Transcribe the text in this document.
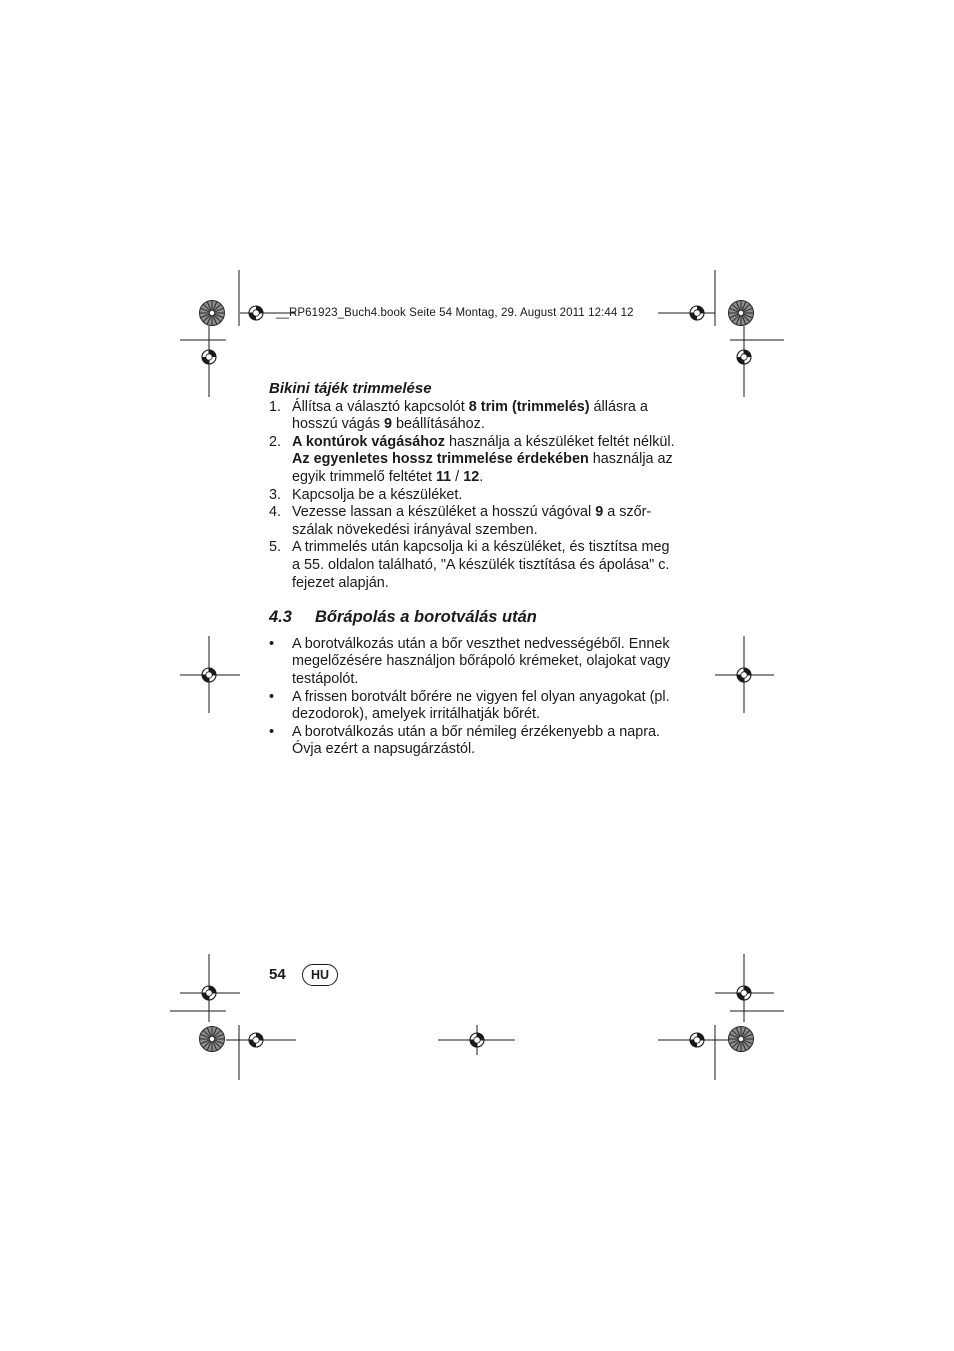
__RP61923_Buch4.book Seite 54 Montag, 29. August 2011 12:44 12
Bikini tájék trimmelése
1. Állítsa a választó kapcsolót 8 trim (trimmelés) állásra a hosszú vágás 9 beállításához.
2. A kontúrok vágásához használja a készüléket feltét nélkül. Az egyenletes hossz trimmelése érdekében használja az egyik trimmelő feltétet 11 / 12.
3. Kapcsolja be a készüléket.
4. Vezesse lassan a készüléket a hosszú vágóval 9 a szőr-szálak növekedési irányával szemben.
5. A trimmelés után kapcsolja ki a készüléket, és tisztítsa meg a 55. oldalon található, "A készülék tisztítása és ápolása" c. fejezet alapján.
4.3	Bőrápolás a borotválás után
•	A borotválkozás után a bőr veszthet nedvességéből. Ennek megelőzésére használjon bőrápoló krémeket, olajokat vagy testápolót.
•	A frissen borotvált bőrére ne vigyen fel olyan anyagokat (pl. dezodorok), amelyek irritálhatják bőrét.
•	A borotválkozás után a bőr némileg érzékenyebb a napra. Óvja ezért a napsugárzástól.
54	HU
